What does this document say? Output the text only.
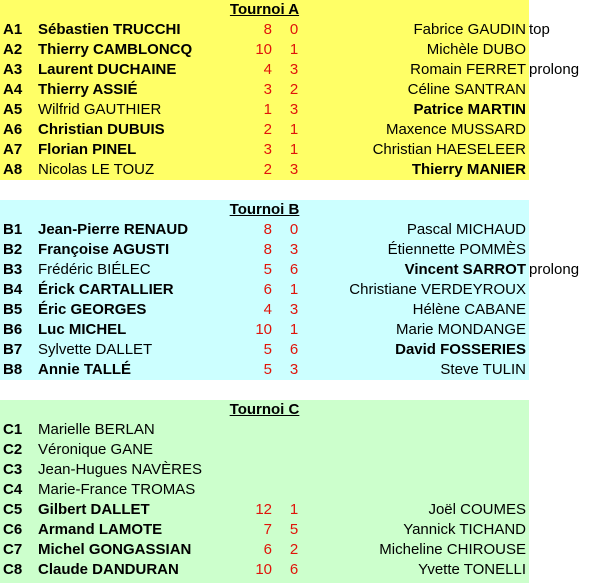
Tournoi A
A1	Sébastien TRUCCHI	8	0	Fabrice GAUDIN top
A2	Thierry CAMBLONCQ	10	1	Michèle DUBO
A3	Laurent DUCHAINE	4	3	Romain FERRET prolong
A4	Thierry ASSIÉ	3	2	Céline SANTRAN
A5	Wilfrid GAUTHIER	1	3	Patrice MARTIN
A6	Christian DUBUIS	2	1	Maxence MUSSARD
A7	Florian PINEL	3	1	Christian HAESELEER
A8	Nicolas LE TOUZ	2	3	Thierry MANIER
Tournoi B
B1	Jean-Pierre RENAUD	8	0	Pascal MICHAUD
B2	Françoise AGUSTI	8	3	Étiennette POMMÈS
B3	Frédéric BIÉLEC	5	6	Vincent SARROT prolong
B4	Érick CARTALLIER	6	1	Christiane VERDEYROUX
B5	Éric GEORGES	4	3	Hélène CABANE
B6	Luc MICHEL	10	1	Marie MONDANGE
B7	Sylvette DALLET	5	6	David FOSSERIES
B8	Annie TALLÉ	5	3	Steve TULIN
Tournoi C
C1	Marielle BERLAN
C2	Véronique GANE
C3	Jean-Hugues NAVÈRES
C4	Marie-France TROMAS
C5	Gilbert DALLET	12	1	Joël COUMES
C6	Armand LAMOTE	7	5	Yannick TICHAND
C7	Michel GONGASSIAN	6	2	Micheline CHIROUSE
C8	Claude DANDURAN	10	6	Yvette TONELLI
